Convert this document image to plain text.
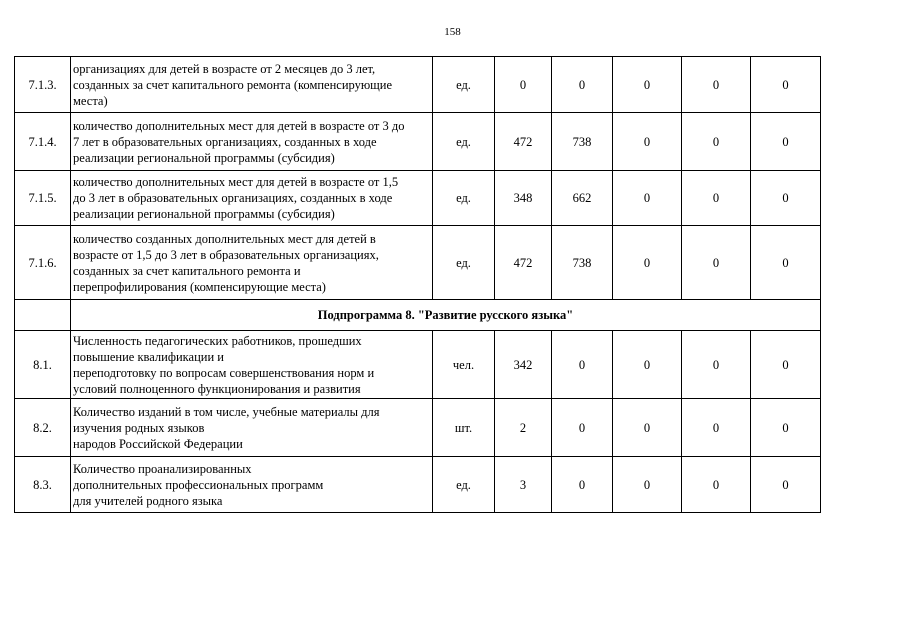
158
7.1.3.	организациях для детей в возрасте от 2 месяцев до 3 лет,
созданных за счет капитального ремонта (компенсирующие
места)	ед.	0	0	0	0	0
7.1.4.	количество дополнительных мест для детей в возрасте от 3 до
7 лет в образовательных организациях, созданных в ходе
реализации региональной программы (субсидия)	ед.	472	738	0	0	0
7.1.5.	количество дополнительных мест для детей в возрасте от 1,5
до 3 лет в образовательных организациях, созданных в ходе
реализации региональной программы (субсидия)	ед.	348	662	0	0	0
7.1.6.	количество созданных дополнительных мест для детей в
возрасте от 1,5 до 3 лет в образовательных организациях,
созданных за счет капитального ремонта и
перепрофилирования (компенсирующие места)	ед.	472	738	0	0	0
	Подпрограмма 8. "Развитие русского языка"						
8.1.	Численность педагогических работников, прошедших
повышение квалификации и
переподготовку по вопросам совершенствования норм и
условий полноценного функционирования и развития	чел.	342	0	0	0	0
8.2.	Количество изданий в том числе, учебные материалы для
изучения родных языков
народов Российской Федерации	шт.	2	0	0	0	0
8.3.	Количество проанализированных
дополнительных профессиональных программ
для учителей родного языка	ед.	3	0	0	0	0
